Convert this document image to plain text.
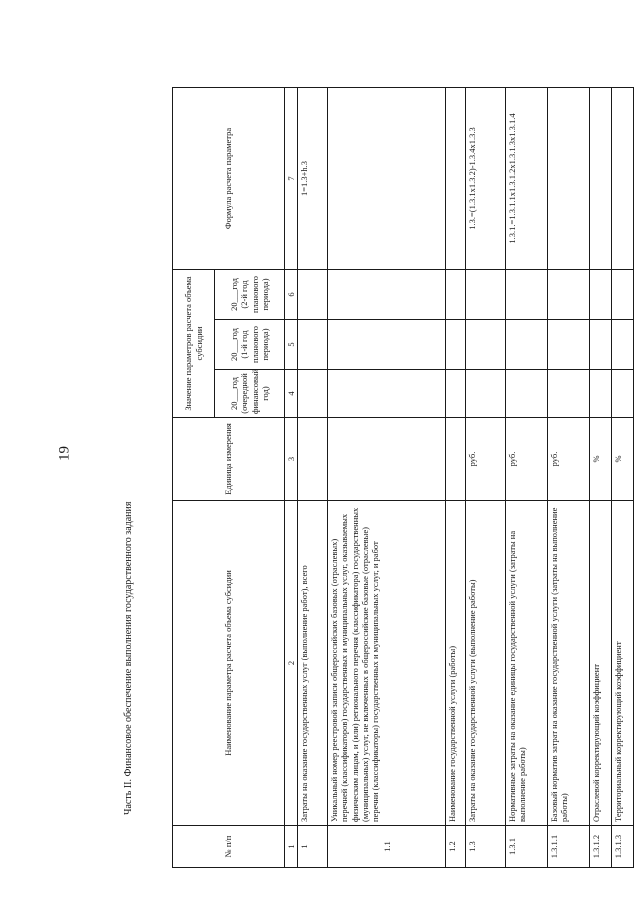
19
Часть II. Финансовое обеспечение выполнения государственного задания
№ п/п	Наименование параметра расчета объема субсидии	Единица измерения	Значение параметров расчета объема субсидии			Формула расчета параметра
			20___год (очередной финансовый год)	20___год (1-й год планового периода)	20___год (2-й год планового периода)	
1	2	3	4	5	6	7
1	Затраты на оказание государственных услуг (выполнение работ), всего					1=1.3+h.3
1.1	Уникальный номер реестровой записи общероссийских базовых (отраслевых) перечней (классификаторов) государственных и муниципальных услуг, оказываемых физическим лицам, и (или) регионального перечня (классификатора) государственных (муниципальных) услуг, не включенных в общероссийские базовые (отраслевые) перечни (классификаторы) государственных и муниципальных услуг, и работ					
1.2	Наименование государственной услуги (работы)					
1.3	Затраты на оказание государственной услуги (выполнение работы)	руб.				1.3.=(1.3.1x1.3.2)-1.3.4x1.3.3
1.3.1	Нормативные затраты на оказание единицы государственной услуги (затраты на выполнение работы)	руб.				1.3.1.=1.3.1.1x1.3.1.2x1.3.1.3x1.3.1.4
1.3.1.1	Базовый норматив затрат на оказание государственной услуги (затраты на выполнение работы)	руб.				
1.3.1.2	Отраслевой корректирующий коэффициент	%				
1.3.1.3	Территориальный корректирующий коэффициент	%				
